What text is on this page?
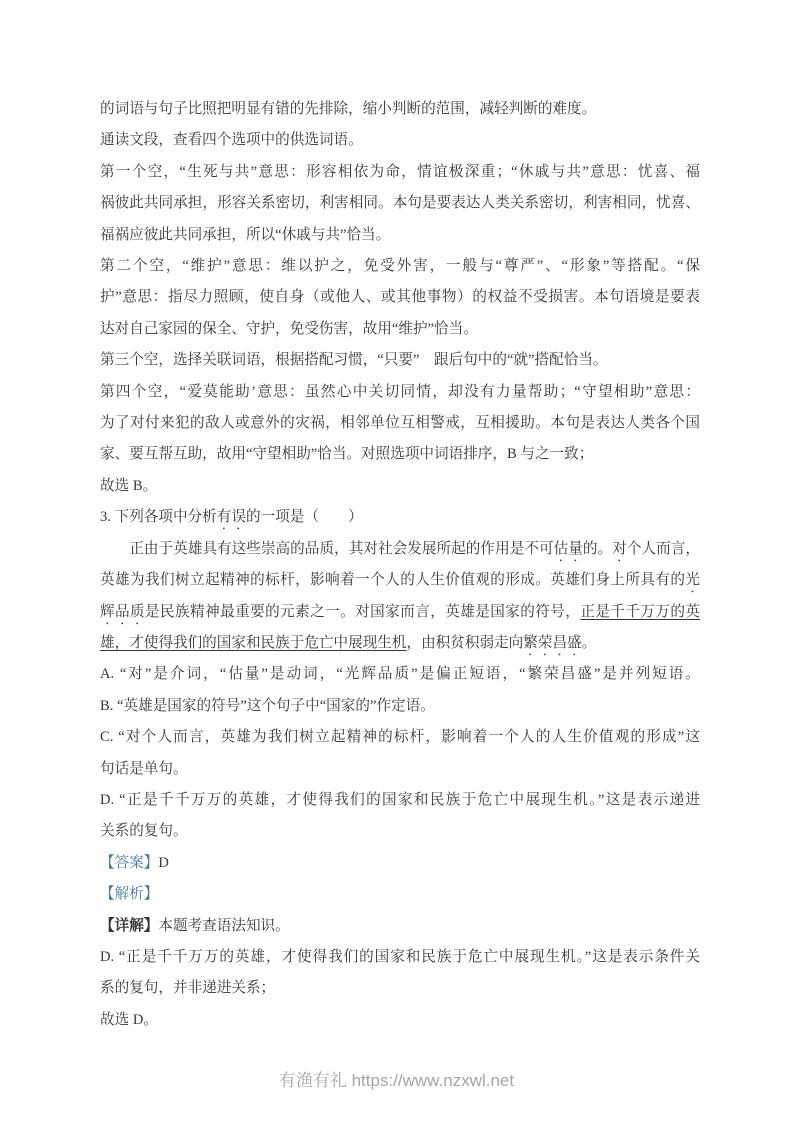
的词语与句子比照把明显有错的先排除，缩小判断的范围，减轻判断的难度。
通读文段，查看四个选项中的供选词语。
第一个空，“生死与共”意思：形容相依为命，情谊极深重；“休戚与共”意思：忧喜、福
祸彼此共同承担，形容关系密切，利害相同。本句是要表达人类关系密切，利害相同，忧喜、
福祸应彼此共同承担，所以“休戚与共”恰当。
第二个空，“维护”意思：维以护之，免受外害，一般与“尊严”、“形象”等搭配。“保
护”意思：指尽力照顾，使自身（或他人、或其他事物）的权益不受损害。本句语境是要表
达对自己家园的保全、守护，免受伤害，故用“维护”恰当。
第三个空，选择关联词语，根据搭配习惯，“只要”　跟后句中的“就”搭配恰当。
第四个空，“爱莫能助’意思：虽然心中关切同情，却没有力量帮助；“守望相助”意思：
为了对付来犯的敌人或意外的灾祸，相邻单位互相警戒，互相援助。本句是表达人类各个国
家、要互帮互助，故用“守望相助”恰当。对照选项中词语排序，B 与之一致；
故选 B。
3. 下列各项中分析有误的一项是（　　）
正由于英雄具有这些崇高的品质，其对社会发展所起的作用是不可估量的。对个人而言，
英雄为我们树立起精神的标杆，影响着一个人的人生价值观的形成。英雄们身上所具有的光
辉品质是民族精神最重要的元素之一。对国家而言，英雄是国家的符号，正是千千万万的英
雄，才使得我们的国家和民族于危亡中展现生机，由积贫积弱走向繁荣昌盛。
A. “对”是介词，“估量”是动词，“光辉品质”是偏正短语，“繁荣昌盛”是并列短语。
B. “英雄是国家的符号”这个句子中“国家的”作定语。
C. “对个人而言，英雄为我们树立起精神的标杆，影响着一个人的人生价值观的形成”这
句话是单句。
D. “正是千千万万的英雄，才使得我们的国家和民族于危亡中展现生机。”这是表示递进
关系的复句。
【答案】D
【解析】
【详解】本题考查语法知识。
D. “正是千千万万的英雄，才使得我们的国家和民族于危亡中展现生机。”这是表示条件关
系的复句，并非递进关系；
故选 D。
有渔有礼 https://www.nzxwl.net
